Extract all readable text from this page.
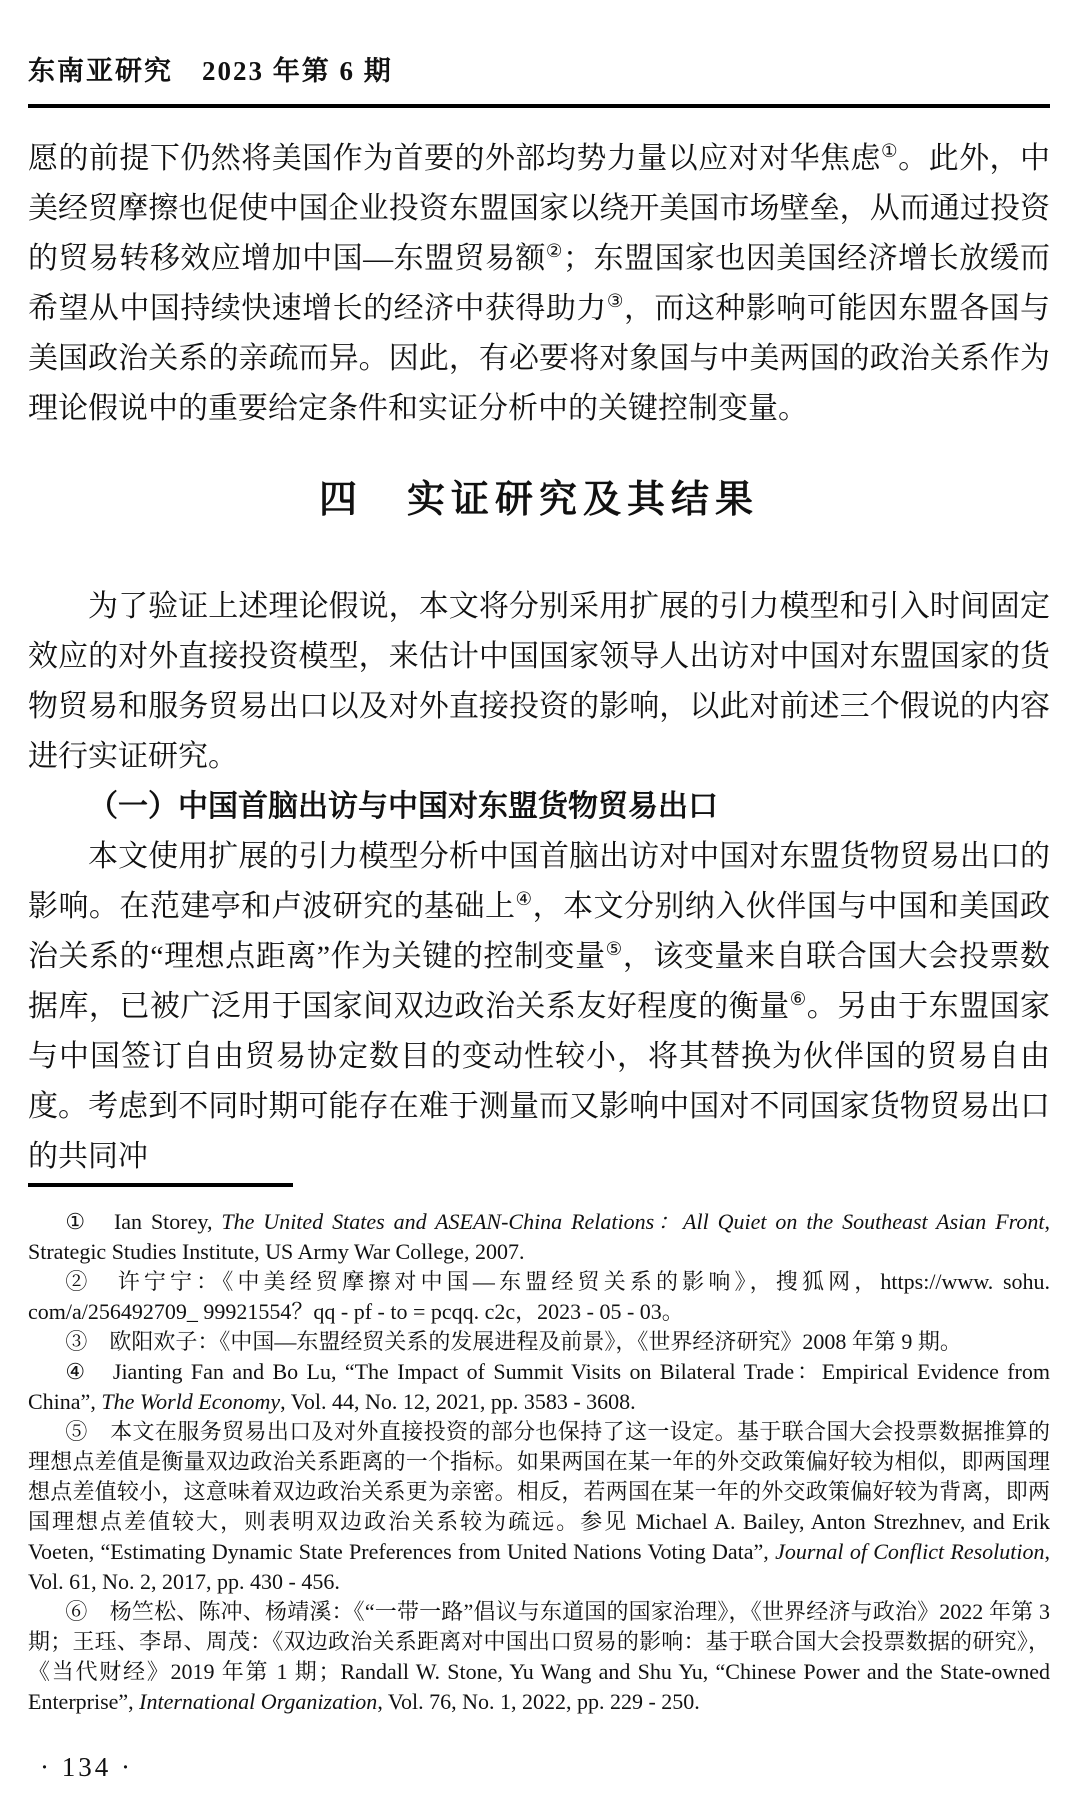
东南亚研究　2023 年第 6 期

愿的前提下仍然将美国作为首要的外部均势力量以应对对华焦虑①。此外，中美经贸摩擦也促使中国企业投资东盟国家以绕开美国市场壁垒，从而通过投资的贸易转移效应增加中国—东盟贸易额②；东盟国家也因美国经济增长放缓而希望从中国持续快速增长的经济中获得助力③，而这种影响可能因东盟各国与美国政治关系的亲疏而异。因此，有必要将对象国与中美两国的政治关系作为理论假说中的重要给定条件和实证分析中的关键控制变量。

四　实证研究及其结果

为了验证上述理论假说，本文将分别采用扩展的引力模型和引入时间固定效应的对外直接投资模型，来估计中国国家领导人出访对中国对东盟国家的货物贸易和服务贸易出口以及对外直接投资的影响，以此对前述三个假说的内容进行实证研究。

（一）中国首脑出访与中国对东盟货物贸易出口

本文使用扩展的引力模型分析中国首脑出访对中国对东盟货物贸易出口的影响。在范建亭和卢波研究的基础上④，本文分别纳入伙伴国与中国和美国政治关系的“理想点距离”作为关键的控制变量⑤，该变量来自联合国大会投票数据库，已被广泛用于国家间双边政治关系友好程度的衡量⑥。另由于东盟国家与中国签订自由贸易协定数目的变动性较小，将其替换为伙伴国的贸易自由度。考虑到不同时期可能存在难于测量而又影响中国对不同国家货物贸易出口的共同冲

①　Ian Storey, The United States and ASEAN-China Relations：All Quiet on the Southeast Asian Front, Strategic Studies Institute, US Army War College, 2007.

②　许宁宁：《中美经贸摩擦对中国—东盟经贸关系的影响》，搜狐网，https://www. sohu. com/a/256492709_ 99921554？qq - pf - to = pcqq. c2c，2023 - 05 - 03。

③　欧阳欢子：《中国—东盟经贸关系的发展进程及前景》，《世界经济研究》2008 年第 9 期。

④　Jianting Fan and Bo Lu, “The Impact of Summit Visits on Bilateral Trade：Empirical Evidence from China”, The World Economy, Vol. 44, No. 12, 2021, pp. 3583 - 3608.

⑤　本文在服务贸易出口及对外直接投资的部分也保持了这一设定。基于联合国大会投票数据推算的理想点差值是衡量双边政治关系距离的一个指标。如果两国在某一年的外交政策偏好较为相似，即两国理想点差值较小，这意味着双边政治关系更为亲密。相反，若两国在某一年的外交政策偏好较为背离，即两国理想点差值较大，则表明双边政治关系较为疏远。参见 Michael A. Bailey, Anton Strezhnev, and Erik Voeten, “Estimating Dynamic State Preferences from United Nations Voting Data”, Journal of Conflict Resolution, Vol. 61, No. 2, 2017, pp. 430 - 456.

⑥　杨竺松、陈冲、杨靖溪：《“一带一路”倡议与东道国的国家治理》，《世界经济与政治》2022 年第 3 期；王珏、李昂、周茂：《双边政治关系距离对中国出口贸易的影响：基于联合国大会投票数据的研究》，《当代财经》2019 年第 1 期；Randall W. Stone, Yu Wang and Shu Yu, “Chinese Power and the State-owned Enterprise”, International Organization, Vol. 76, No. 1, 2022, pp. 229 - 250.

· 134 ·
